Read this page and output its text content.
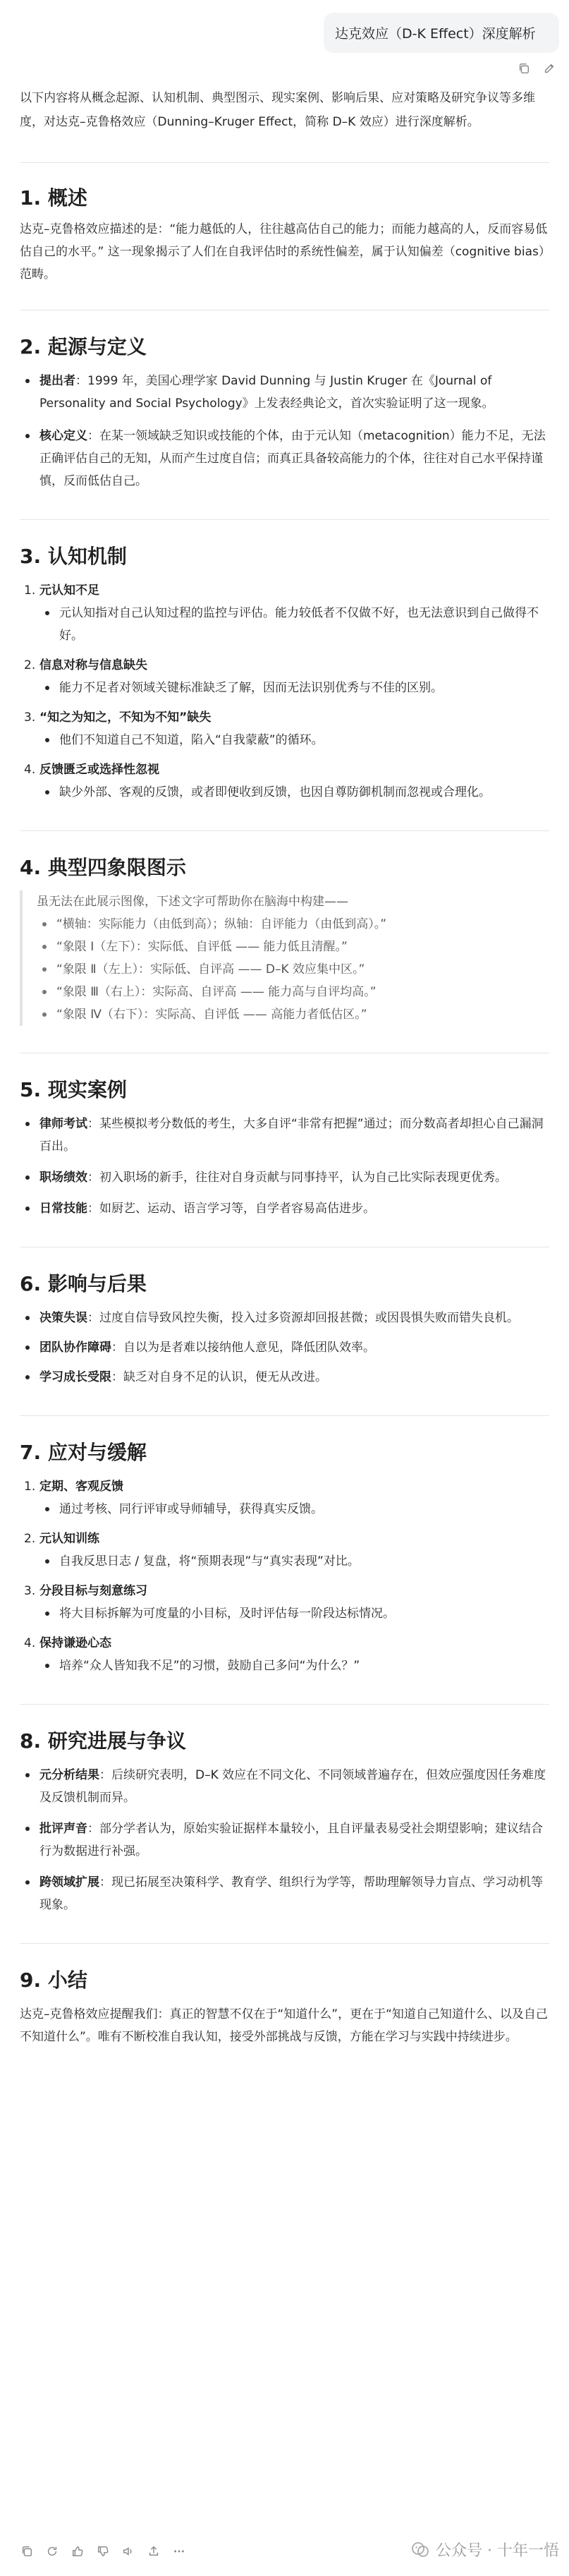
达克效应（D-K Effect）深度解析

以下内容将从概念起源、认知机制、典型图示、现实案例、影响后果、应对策略及研究争议等多维度，对达克–克鲁格效应（Dunning–Kruger Effect，简称 D–K 效应）进行深度解析。

1. 概述

达克–克鲁格效应描述的是：“能力越低的人，往往越高估自己的能力；而能力越高的人，反而容易低估自己的水平。” 这一现象揭示了人们在自我评估时的系统性偏差，属于认知偏差（cognitive bias）范畴。

2. 起源与定义
提出者：1999 年，美国心理学家 David Dunning 与 Justin Kruger 在《Journal of Personality and Social Psychology》上发表经典论文，首次实验证明了这一现象。
核心定义：在某一领域缺乏知识或技能的个体，由于元认知（metacognition）能力不足，无法正确评估自己的无知，从而产生过度自信；而真正具备较高能力的个体，往往对自己水平保持谨慎，反而低估自己。
3. 认知机制
1. 元认知不足
元认知指对自己认知过程的监控与评估。能力较低者不仅做不好，也无法意识到自己做得不好。
2. 信息对称与信息缺失
能力不足者对领域关键标准缺乏了解，因而无法识别优秀与不佳的区别。
3. “知之为知之，不知为不知”缺失
他们不知道自己不知道，陷入“自我蒙蔽”的循环。
4. 反馈匮乏或选择性忽视
缺少外部、客观的反馈，或者即便收到反馈，也因自尊防御机制而忽视或合理化。
4. 典型四象限图示
虽无法在此展示图像，下述文字可帮助你在脑海中构建——
“横轴：实际能力（由低到高）；纵轴：自评能力（由低到高）。”
“象限 Ⅰ（左下）：实际低、自评低 —— 能力低且清醒。”
“象限 Ⅱ（左上）：实际低、自评高 —— D–K 效应集中区。”
“象限 Ⅲ（右上）：实际高、自评高 —— 能力高与自评均高。”
“象限 Ⅳ（右下）：实际高、自评低 —— 高能力者低估区。”
5. 现实案例
律师考试：某些模拟考分数低的考生，大多自评“非常有把握”通过；而分数高者却担心自己漏洞百出。
职场绩效：初入职场的新手，往往对自身贡献与同事持平，认为自己比实际表现更优秀。
日常技能：如厨艺、运动、语言学习等，自学者容易高估进步。
6. 影响与后果
决策失误：过度自信导致风控失衡，投入过多资源却回报甚微；或因畏惧失败而错失良机。
团队协作障碍：自以为是者难以接纳他人意见，降低团队效率。
学习成长受限：缺乏对自身不足的认识，便无从改进。
7. 应对与缓解
1. 定期、客观反馈
通过考核、同行评审或导师辅导，获得真实反馈。
2. 元认知训练
自我反思日志 / 复盘，将“预期表现”与“真实表现”对比。
3. 分段目标与刻意练习
将大目标拆解为可度量的小目标，及时评估每一阶段达标情况。
4. 保持谦逊心态
培养“众人皆知我不足”的习惯，鼓励自己多问“为什么？”
8. 研究进展与争议
元分析结果：后续研究表明，D–K 效应在不同文化、不同领域普遍存在，但效应强度因任务难度及反馈机制而异。
批评声音：部分学者认为，原始实验证据样本量较小，且自评量表易受社会期望影响；建议结合行为数据进行补强。
跨领域扩展：现已拓展至决策科学、教育学、组织行为学等，帮助理解领导力盲点、学习动机等现象。
9. 小结

达克–克鲁格效应提醒我们：真正的智慧不仅在于“知道什么”，更在于“知道自己知道什么、以及自己不知道什么”。唯有不断校准自我认知，接受外部挑战与反馈，方能在学习与实践中持续进步。

公众号 · 十年一悟
